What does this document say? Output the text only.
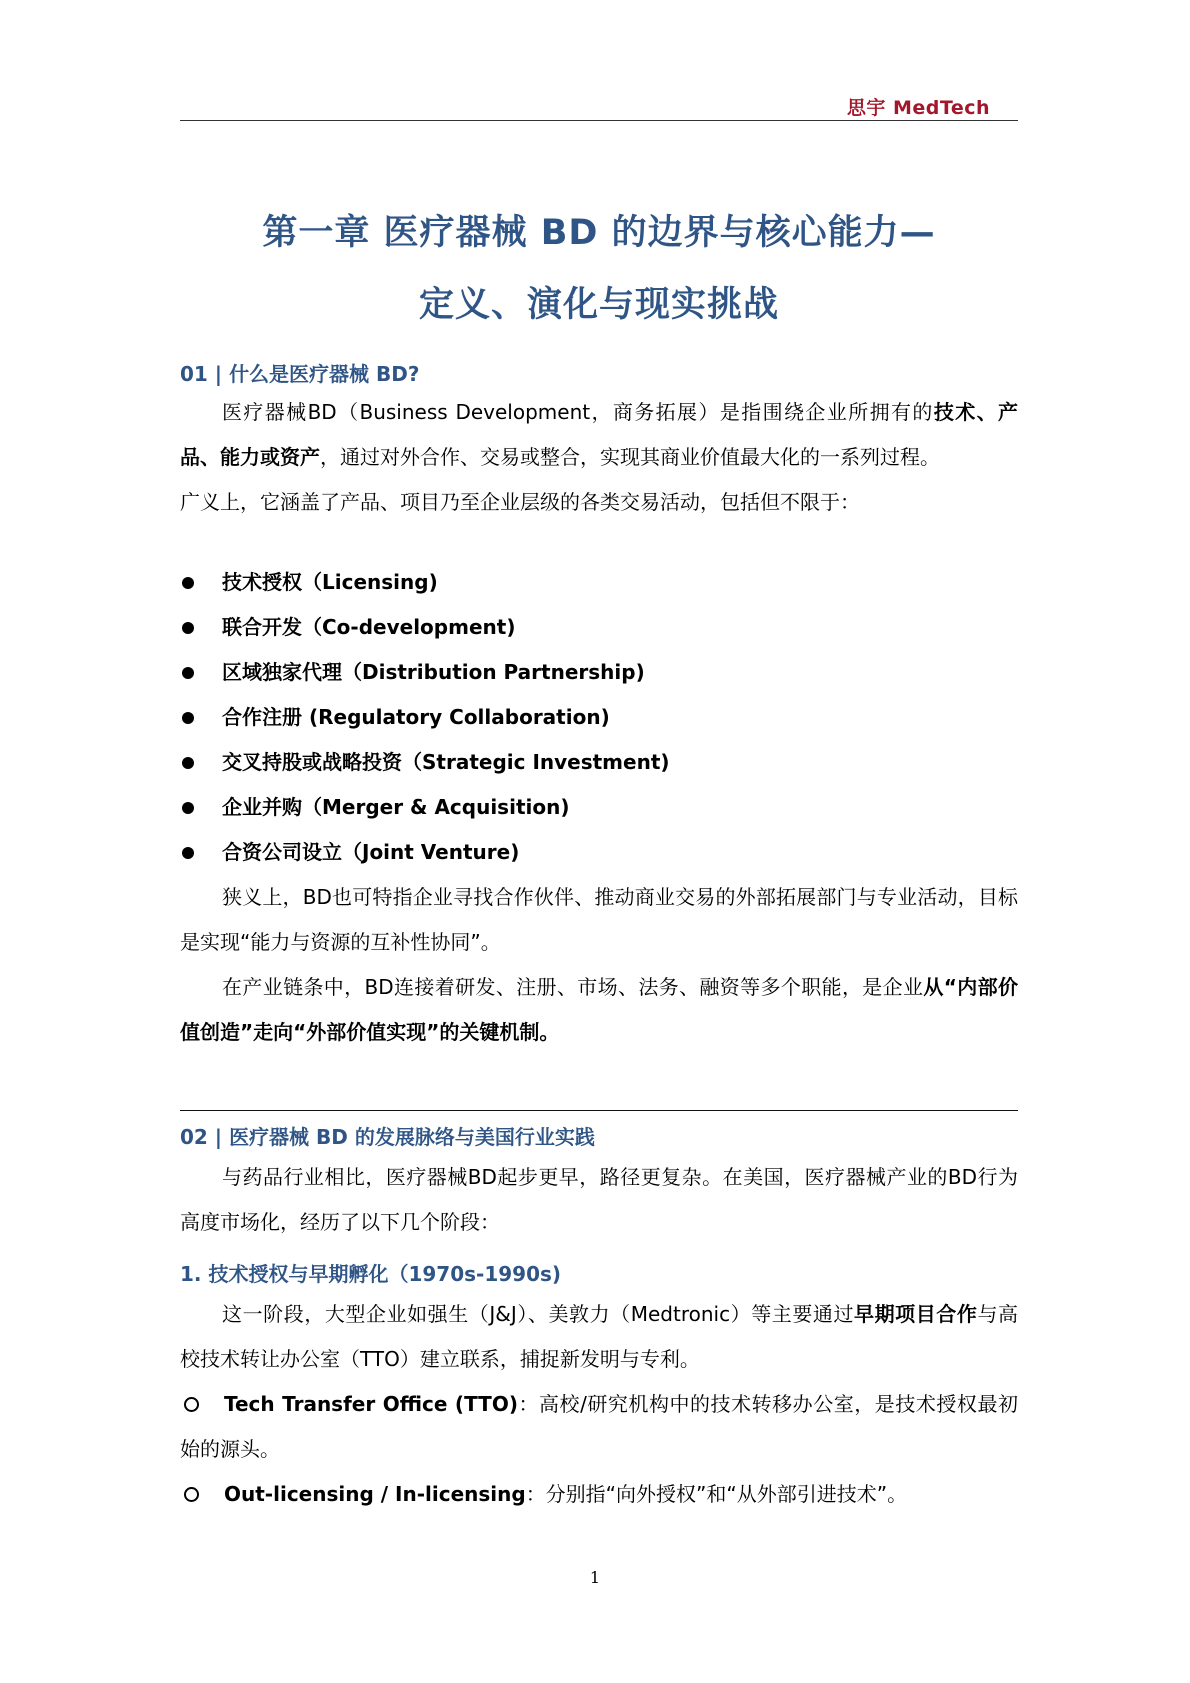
思宇 MedTech
第一章 医疗器械 BD 的边界与核心能力—
定义、演化与现实挑战
01 | 什么是医疗器械 BD?

医疗器械BD（Business Development，商务拓展）是指围绕企业所拥有的技术、产品、能力或资产，通过对外合作、交易或整合，实现其商业价值最大化的一系列过程。

广义上，它涵盖了产品、项目乃至企业层级的各类交易活动，包括但不限于：

技术授权（Licensing)
联合开发（Co-development)
区域独家代理（Distribution Partnership)
合作注册 (Regulatory Collaboration)
交叉持股或战略投资（Strategic Investment)
企业并购（Merger & Acquisition)
合资公司设立（Joint Venture)

狭义上，BD也可特指企业寻找合作伙伴、推动商业交易的外部拓展部门与专业活动，目标是实现“能力与资源的互补性协同”。

在产业链条中，BD连接着研发、注册、市场、法务、融资等多个职能，是企业从“内部价值创造”走向“外部价值实现”的关键机制。

02 | 医疗器械 BD 的发展脉络与美国行业实践

与药品行业相比，医疗器械BD起步更早，路径更复杂。在美国，医疗器械产业的BD行为高度市场化，经历了以下几个阶段：

1. 技术授权与早期孵化（1970s-1990s)

这一阶段，大型企业如强生（J&J）、美敦力（Medtronic）等主要通过早期项目合作与高校技术转让办公室（TTO）建立联系，捕捉新发明与专利。

Tech Transfer Office (TTO)：高校/研究机构中的技术转移办公室，是技术授权最初始的源头。

Out-licensing / In-licensing：分别指“向外授权”和“从外部引进技术”。

1
